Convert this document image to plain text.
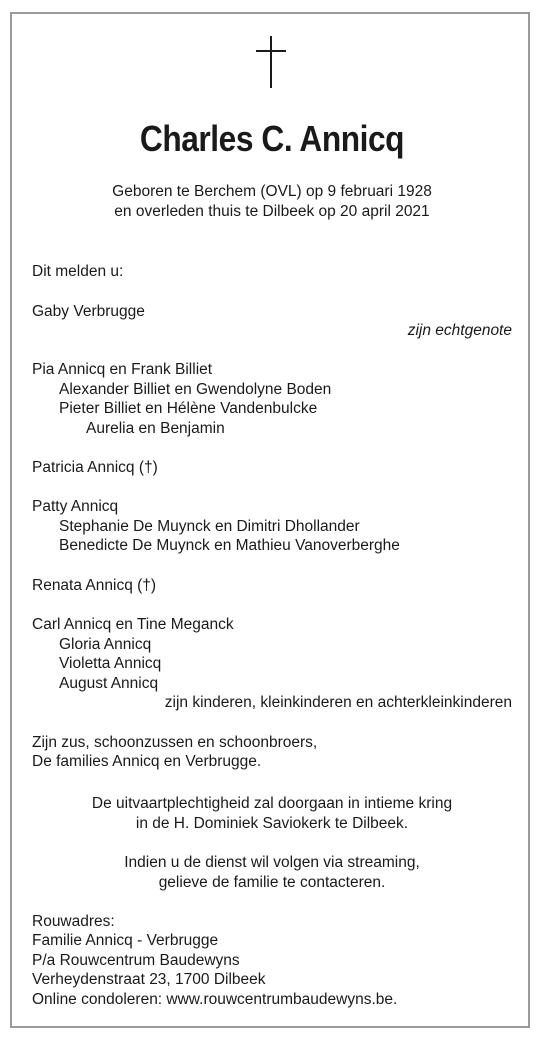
Charles C. Annicq
Geboren te Berchem (OVL) op 9 februari 1928
en overleden thuis te Dilbeek op 20 april 2021
Dit melden u:
Gaby Verbrugge
zijn echtgenote
Pia Annicq en Frank Billiet
Alexander Billiet en Gwendolyne Boden
Pieter Billiet en Hélène Vandenbulcke
Aurelia en Benjamin
Patricia Annicq (†)
Patty Annicq
Stephanie De Muynck en Dimitri Dhollander
Benedicte De Muynck en Mathieu Vanoverberghe
Renata Annicq (†)
Carl Annicq en Tine Meganck
Gloria Annicq
Violetta Annicq
August Annicq
zijn kinderen, kleinkinderen en achterkleinkinderen
Zijn zus, schoonzussen en schoonbroers,
De families Annicq en Verbrugge.
De uitvaartplechtigheid zal doorgaan in intieme kring
in de H. Dominiek Saviokerk te Dilbeek.
Indien u de dienst wil volgen via streaming,
gelieve de familie te contacteren.
Rouwadres:
Familie Annicq - Verbrugge
P/a Rouwcentrum Baudewyns
Verheydenstraat 23, 1700 Dilbeek
Online condoleren: www.rouwcentrumbaudewyns.be.
